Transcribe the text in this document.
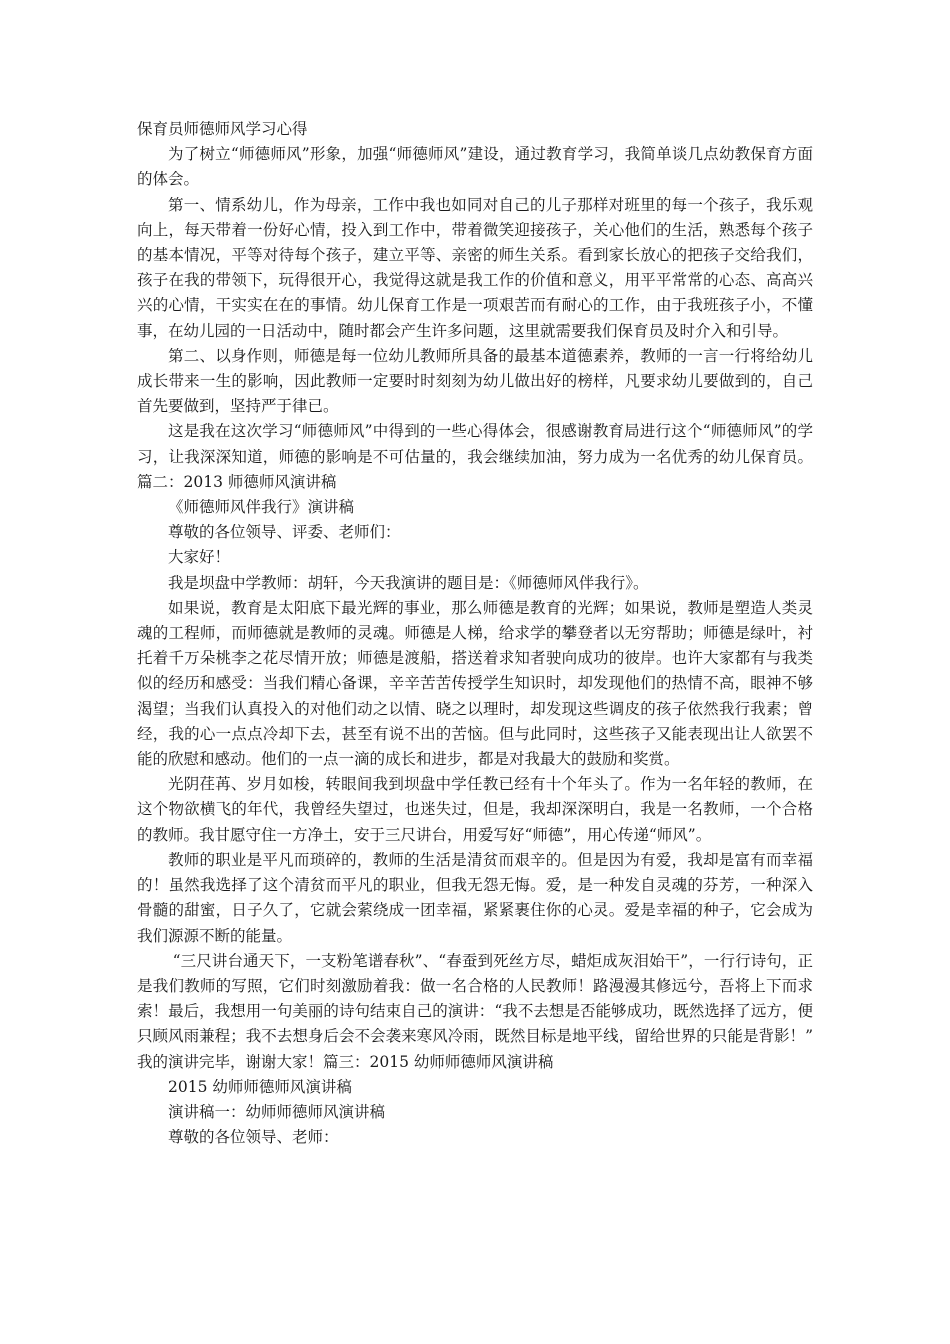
保育员师德师风学习心得

为了树立“师德师风”形象，加强“师德师风”建设，通过教育学习，我简单谈几点幼教保育方面的体会。

第一、情系幼儿，作为母亲，工作中我也如同对自己的儿子那样对班里的每一个孩子，我乐观向上，每天带着一份好心情，投入到工作中，带着微笑迎接孩子，关心他们的生活，熟悉每个孩子的基本情况，平等对待每个孩子，建立平等、亲密的师生关系。看到家长放心的把孩子交给我们，孩子在我的带领下，玩得很开心，我觉得这就是我工作的价值和意义，用平平常常的心态、高高兴兴的心情，干实实在在的事情。幼儿保育工作是一项艰苦而有耐心的工作，由于我班孩子小，不懂事，在幼儿园的一日活动中，随时都会产生许多问题，这里就需要我们保育员及时介入和引导。

第二、以身作则，师德是每一位幼儿教师所具备的最基本道德素养，教师的一言一行将给幼儿成长带来一生的影响，因此教师一定要时时刻刻为幼儿做出好的榜样，凡要求幼儿要做到的，自己首先要做到，坚持严于律已。

这是我在这次学习“师德师风”中得到的一些心得体会，很感谢教育局进行这个“师德师风”的学习，让我深深知道，师德的影响是不可估量的，我会继续加油，努力成为一名优秀的幼儿保育员。篇二：2013 师德师风演讲稿

《师德师风伴我行》演讲稿

尊敬的各位领导、评委、老师们：

大家好！

我是坝盘中学教师：胡轩，今天我演讲的题目是：《师德师风伴我行》。

如果说，教育是太阳底下最光辉的事业，那么师德是教育的光辉；如果说，教师是塑造人类灵魂的工程师，而师德就是教师的灵魂。师德是人梯，给求学的攀登者以无穷帮助；师德是绿叶，衬托着千万朵桃李之花尽情开放；师德是渡船，搭送着求知者驶向成功的彼岸。也许大家都有与我类似的经历和感受：当我们精心备课，辛辛苦苦传授学生知识时，却发现他们的热情不高，眼神不够渴望；当我们认真投入的对他们动之以情、晓之以理时，却发现这些调皮的孩子依然我行我素；曾经，我的心一点点冷却下去，甚至有说不出的苦恼。但与此同时，这些孩子又能表现出让人欲罢不能的欣慰和感动。他们的一点一滴的成长和进步，都是对我最大的鼓励和奖赏。

光阴荏苒、岁月如梭，转眼间我到坝盘中学任教已经有十个年头了。作为一名年轻的教师，在这个物欲横飞的年代，我曾经失望过，也迷失过，但是，我却深深明白，我是一名教师，一个合格的教师。我甘愿守住一方净土，安于三尺讲台，用爱写好“师德”，用心传递“师风”。

教师的职业是平凡而琐碎的，教师的生活是清贫而艰辛的。但是因为有爱，我却是富有而幸福的！虽然我选择了这个清贫而平凡的职业，但我无怨无悔。爱，是一种发自灵魂的芬芳，一种深入骨髓的甜蜜，日子久了，它就会萦绕成一团幸福，紧紧裹住你的心灵。爱是幸福的种子，它会成为我们源源不断的能量。

“三尺讲台通天下，一支粉笔谱春秋”、“春蚕到死丝方尽，蜡炬成灰泪始干”，一行行诗句，正是我们教师的写照，它们时刻激励着我：做一名合格的人民教师！路漫漫其修远兮，吾将上下而求索！最后，我想用一句美丽的诗句结束自己的演讲：“我不去想是否能够成功，既然选择了远方，便只顾风雨兼程；我不去想身后会不会袭来寒风冷雨，既然目标是地平线，留给世界的只能是背影！” 我的演讲完毕，谢谢大家！篇三：2015 幼师师德师风演讲稿

2015 幼师师德师风演讲稿

演讲稿一：幼师师德师风演讲稿

尊敬的各位领导、老师：
